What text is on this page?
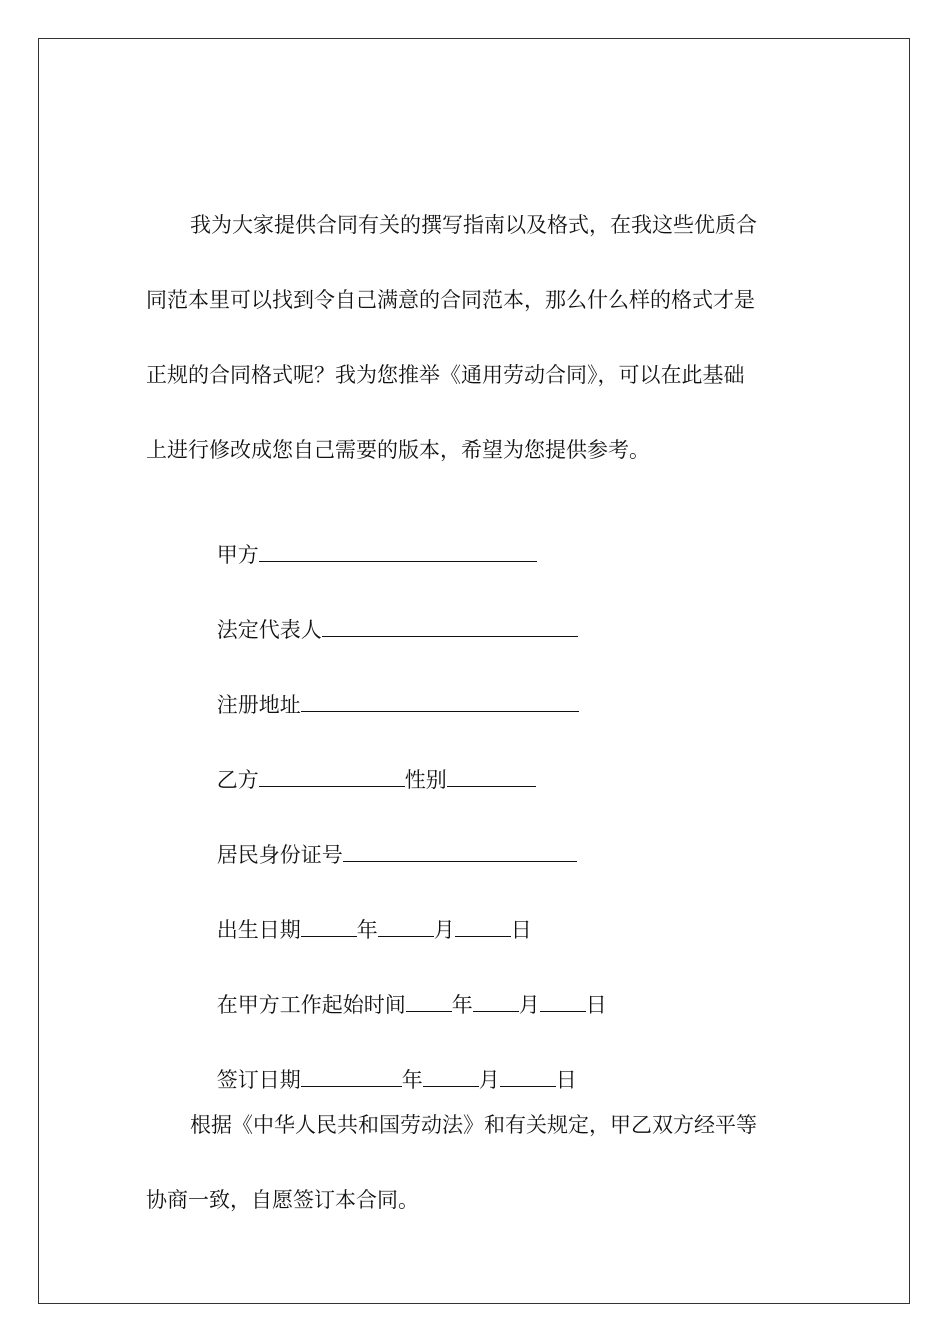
我为大家提供合同有关的撰写指南以及格式，在我这些优质合
同范本里可以找到令自己满意的合同范本，那么什么样的格式才是
正规的合同格式呢？我为您推举《通用劳动合同》，可以在此基础
上进行修改成您自己需要的版本，希望为您提供参考。

甲方

法定代表人

注册地址

乙方	性别

居民身份证号

出生日期	年	月	日

在甲方工作起始时间 年 月 日

签订日期	年	月	日

根据《中华人民共和国劳动法》和有关规定，甲乙双方经平等
协商一致，自愿签订本合同。
